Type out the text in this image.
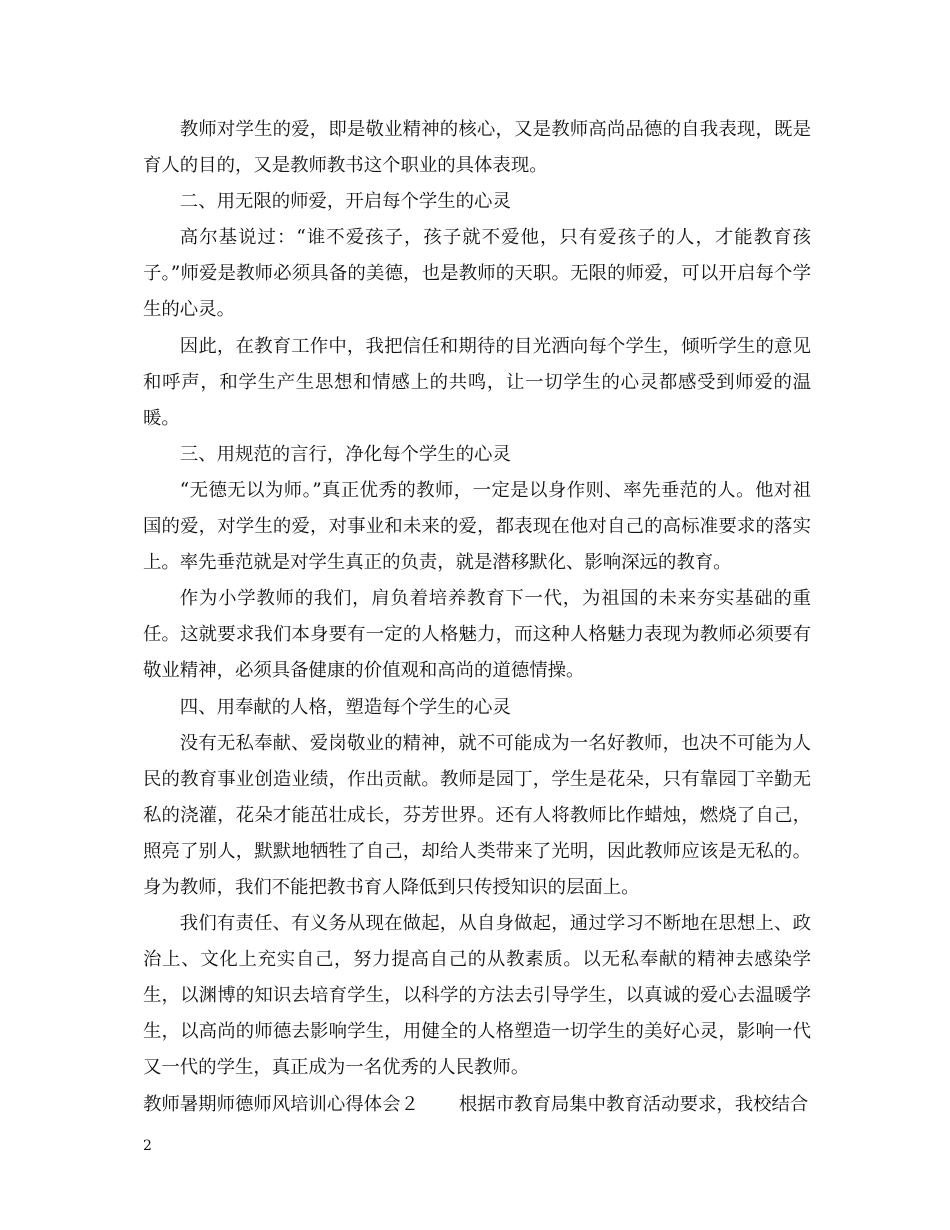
教师对学生的爱，即是敬业精神的核心，又是教师高尚品德的自我表现，既是育人的目的，又是教师教书这个职业的具体表现。

二、用无限的师爱，开启每个学生的心灵

高尔基说过：“谁不爱孩子，孩子就不爱他，只有爱孩子的人，才能教育孩子。”师爱是教师必须具备的美德，也是教师的天职。无限的师爱，可以开启每个学生的心灵。

因此，在教育工作中，我把信任和期待的目光洒向每个学生，倾听学生的意见和呼声，和学生产生思想和情感上的共鸣，让一切学生的心灵都感受到师爱的温暖。

三、用规范的言行，净化每个学生的心灵

“无德无以为师。”真正优秀的教师，一定是以身作则、率先垂范的人。他对祖国的爱，对学生的爱，对事业和未来的爱，都表现在他对自己的高标准要求的落实上。率先垂范就是对学生真正的负责，就是潜移默化、影响深远的教育。

作为小学教师的我们，肩负着培养教育下一代，为祖国的未来夯实基础的重任。这就要求我们本身要有一定的人格魅力，而这种人格魅力表现为教师必须要有敬业精神，必须具备健康的价值观和高尚的道德情操。

四、用奉献的人格，塑造每个学生的心灵

没有无私奉献、爱岗敬业的精神，就不可能成为一名好教师，也决不可能为人民的教育事业创造业绩，作出贡献。教师是园丁，学生是花朵，只有靠园丁辛勤无私的浇灌，花朵才能茁壮成长，芬芳世界。还有人将教师比作蜡烛，燃烧了自己，照亮了别人，默默地牺牲了自己，却给人类带来了光明，因此教师应该是无私的。身为教师，我们不能把教书育人降低到只传授知识的层面上。

我们有责任、有义务从现在做起，从自身做起，通过学习不断地在思想上、政治上、文化上充实自己，努力提高自己的从教素质。以无私奉献的精神去感染学生，以渊博的知识去培育学生，以科学的方法去引导学生，以真诚的爱心去温暖学生，以高尚的师德去影响学生，用健全的人格塑造一切学生的美好心灵，影响一代又一代的学生，真正成为一名优秀的人民教师。

教师暑期师德师风培训心得体会２ 根据市教育局集中教育活动要求，我校结合

2
